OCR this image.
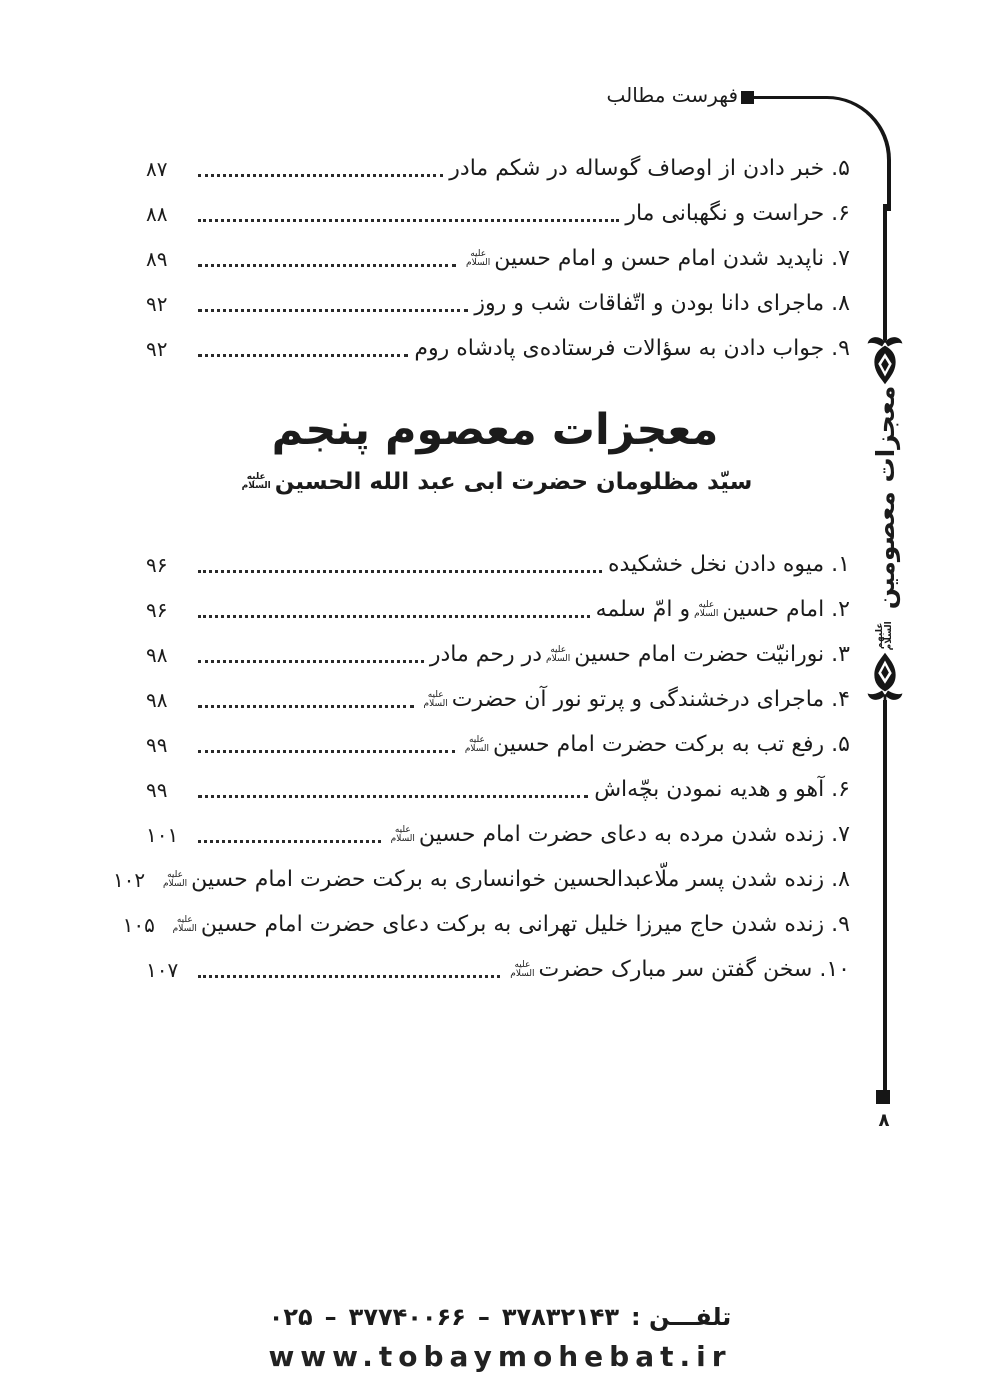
فهرست مطالب
معجزات معصومین
عليهم السلام
۸
۵. خبر دادن از اوصاف گوساله در شکم مادر
۸۷
۶. حراست و نگهبانی مار
۸۸
۷. ناپدید شدن امام حسن و امام حسین
عليه
السلام
۸۹
۸. ماجرای دانا بودن و اتّفاقات شب و روز
۹۲
۹. جواب دادن به سؤالات فرستاده‌ی پادشاه روم
۹۲
معجزات معصوم پنجم
سیّد مظلومان حضرت ابی عبد الله الحسین
عليه
السلام
۱. میوه دادن نخل خشکیده
۹۶
۲. امام حسین
عليه
السلام
و امّ سلمه
۹۶
۳. نورانیّت حضرت امام حسین
عليه
السلام
در رحم مادر
۹۸
۴. ماجرای درخشندگی و پرتو نور آن حضرت
عليه
السلام
۹۸
۵. رفع تب به برکت حضرت امام حسین
عليه
السلام
۹۹
۶. آهو و هدیه نمودن بچّه‌اش
۹۹
۷. زنده شدن مرده به دعای حضرت امام حسین
عليه
السلام
۱۰۱
۸. زنده شدن پسر ملّاعبدالحسین خوانساری به برکت حضرت امام حسین
عليه
السلام
۱۰۲
۹. زنده شدن حاج میرزا خلیل تهرانی به برکت دعای حضرت امام حسین
عليه
السلام
۱۰۵
۱۰. سخن گفتن سر مبارک حضرت
عليه
السلام
۱۰۷
تلفـــن :
۳۷۸۳۲۱۴۳
–
۳۷۷۴۰۰۶۶
–
۰۲۵
www.tobaymohebat.ir
